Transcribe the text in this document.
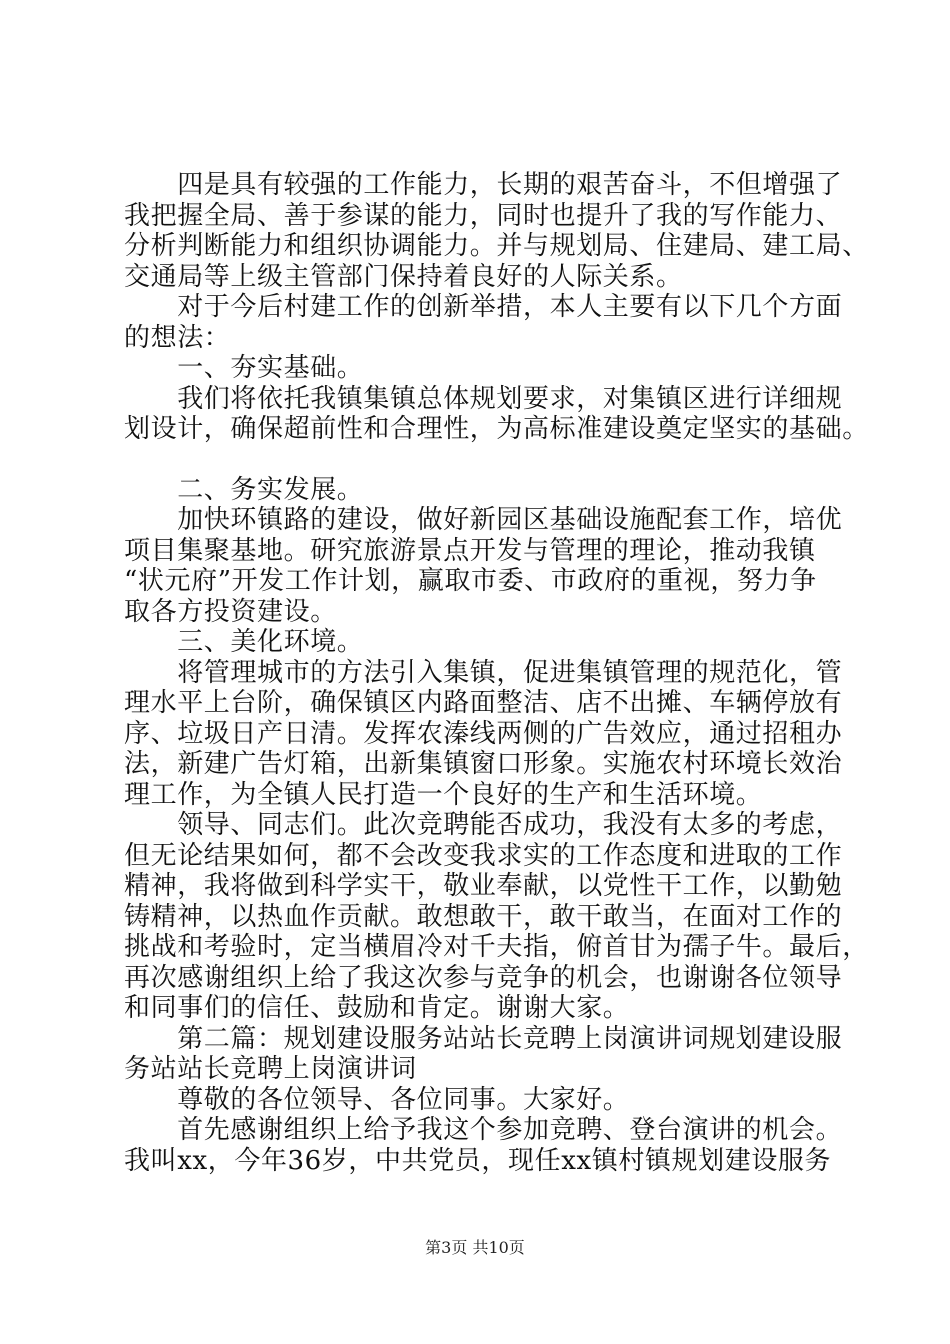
　　四是具有较强的工作能力，长期的艰苦奋斗，不但增强了
我把握全局、善于参谋的能力，同时也提升了我的写作能力、
分析判断能力和组织协调能力。并与规划局、住建局、建工局、
交通局等上级主管部门保持着良好的人际关系。
　　对于今后村建工作的创新举措，本人主要有以下几个方面
的想法：
　　一、夯实基础。
　　我们将依托我镇集镇总体规划要求，对集镇区进行详细规
划设计，确保超前性和合理性，为高标准建设奠定坚实的基础。
　　二、务实发展。
　　加快环镇路的建设，做好新园区基础设施配套工作，培优
项目集聚基地。研究旅游景点开发与管理的理论，推动我镇
“状元府”开发工作计划，赢取市委、市政府的重视，努力争
取各方投资建设。
　　三、美化环境。
　　将管理城市的方法引入集镇，促进集镇管理的规范化，管
理水平上台阶，确保镇区内路面整洁、店不出摊、车辆停放有
序、垃圾日产日清。发挥农溱线两侧的广告效应，通过招租办
法，新建广告灯箱，出新集镇窗口形象。实施农村环境长效治
理工作，为全镇人民打造一个良好的生产和生活环境。
　　领导、同志们。此次竞聘能否成功，我没有太多的考虑，
但无论结果如何，都不会改变我求实的工作态度和进取的工作
精神，我将做到科学实干，敬业奉献，以党性干工作，以勤勉
铸精神，以热血作贡献。敢想敢干，敢干敢当，在面对工作的
挑战和考验时，定当横眉冷对千夫指，俯首甘为孺子牛。最后，
再次感谢组织上给了我这次参与竞争的机会，也谢谢各位领导
和同事们的信任、鼓励和肯定。谢谢大家。
　　第二篇：规划建设服务站站长竞聘上岗演讲词规划建设服
务站站长竞聘上岗演讲词
　　尊敬的各位领导、各位同事。大家好。
　　首先感谢组织上给予我这个参加竞聘、登台演讲的机会。
我叫xx，今年36岁，中共党员，现任xx镇村镇规划建设服务
第3页 共10页
